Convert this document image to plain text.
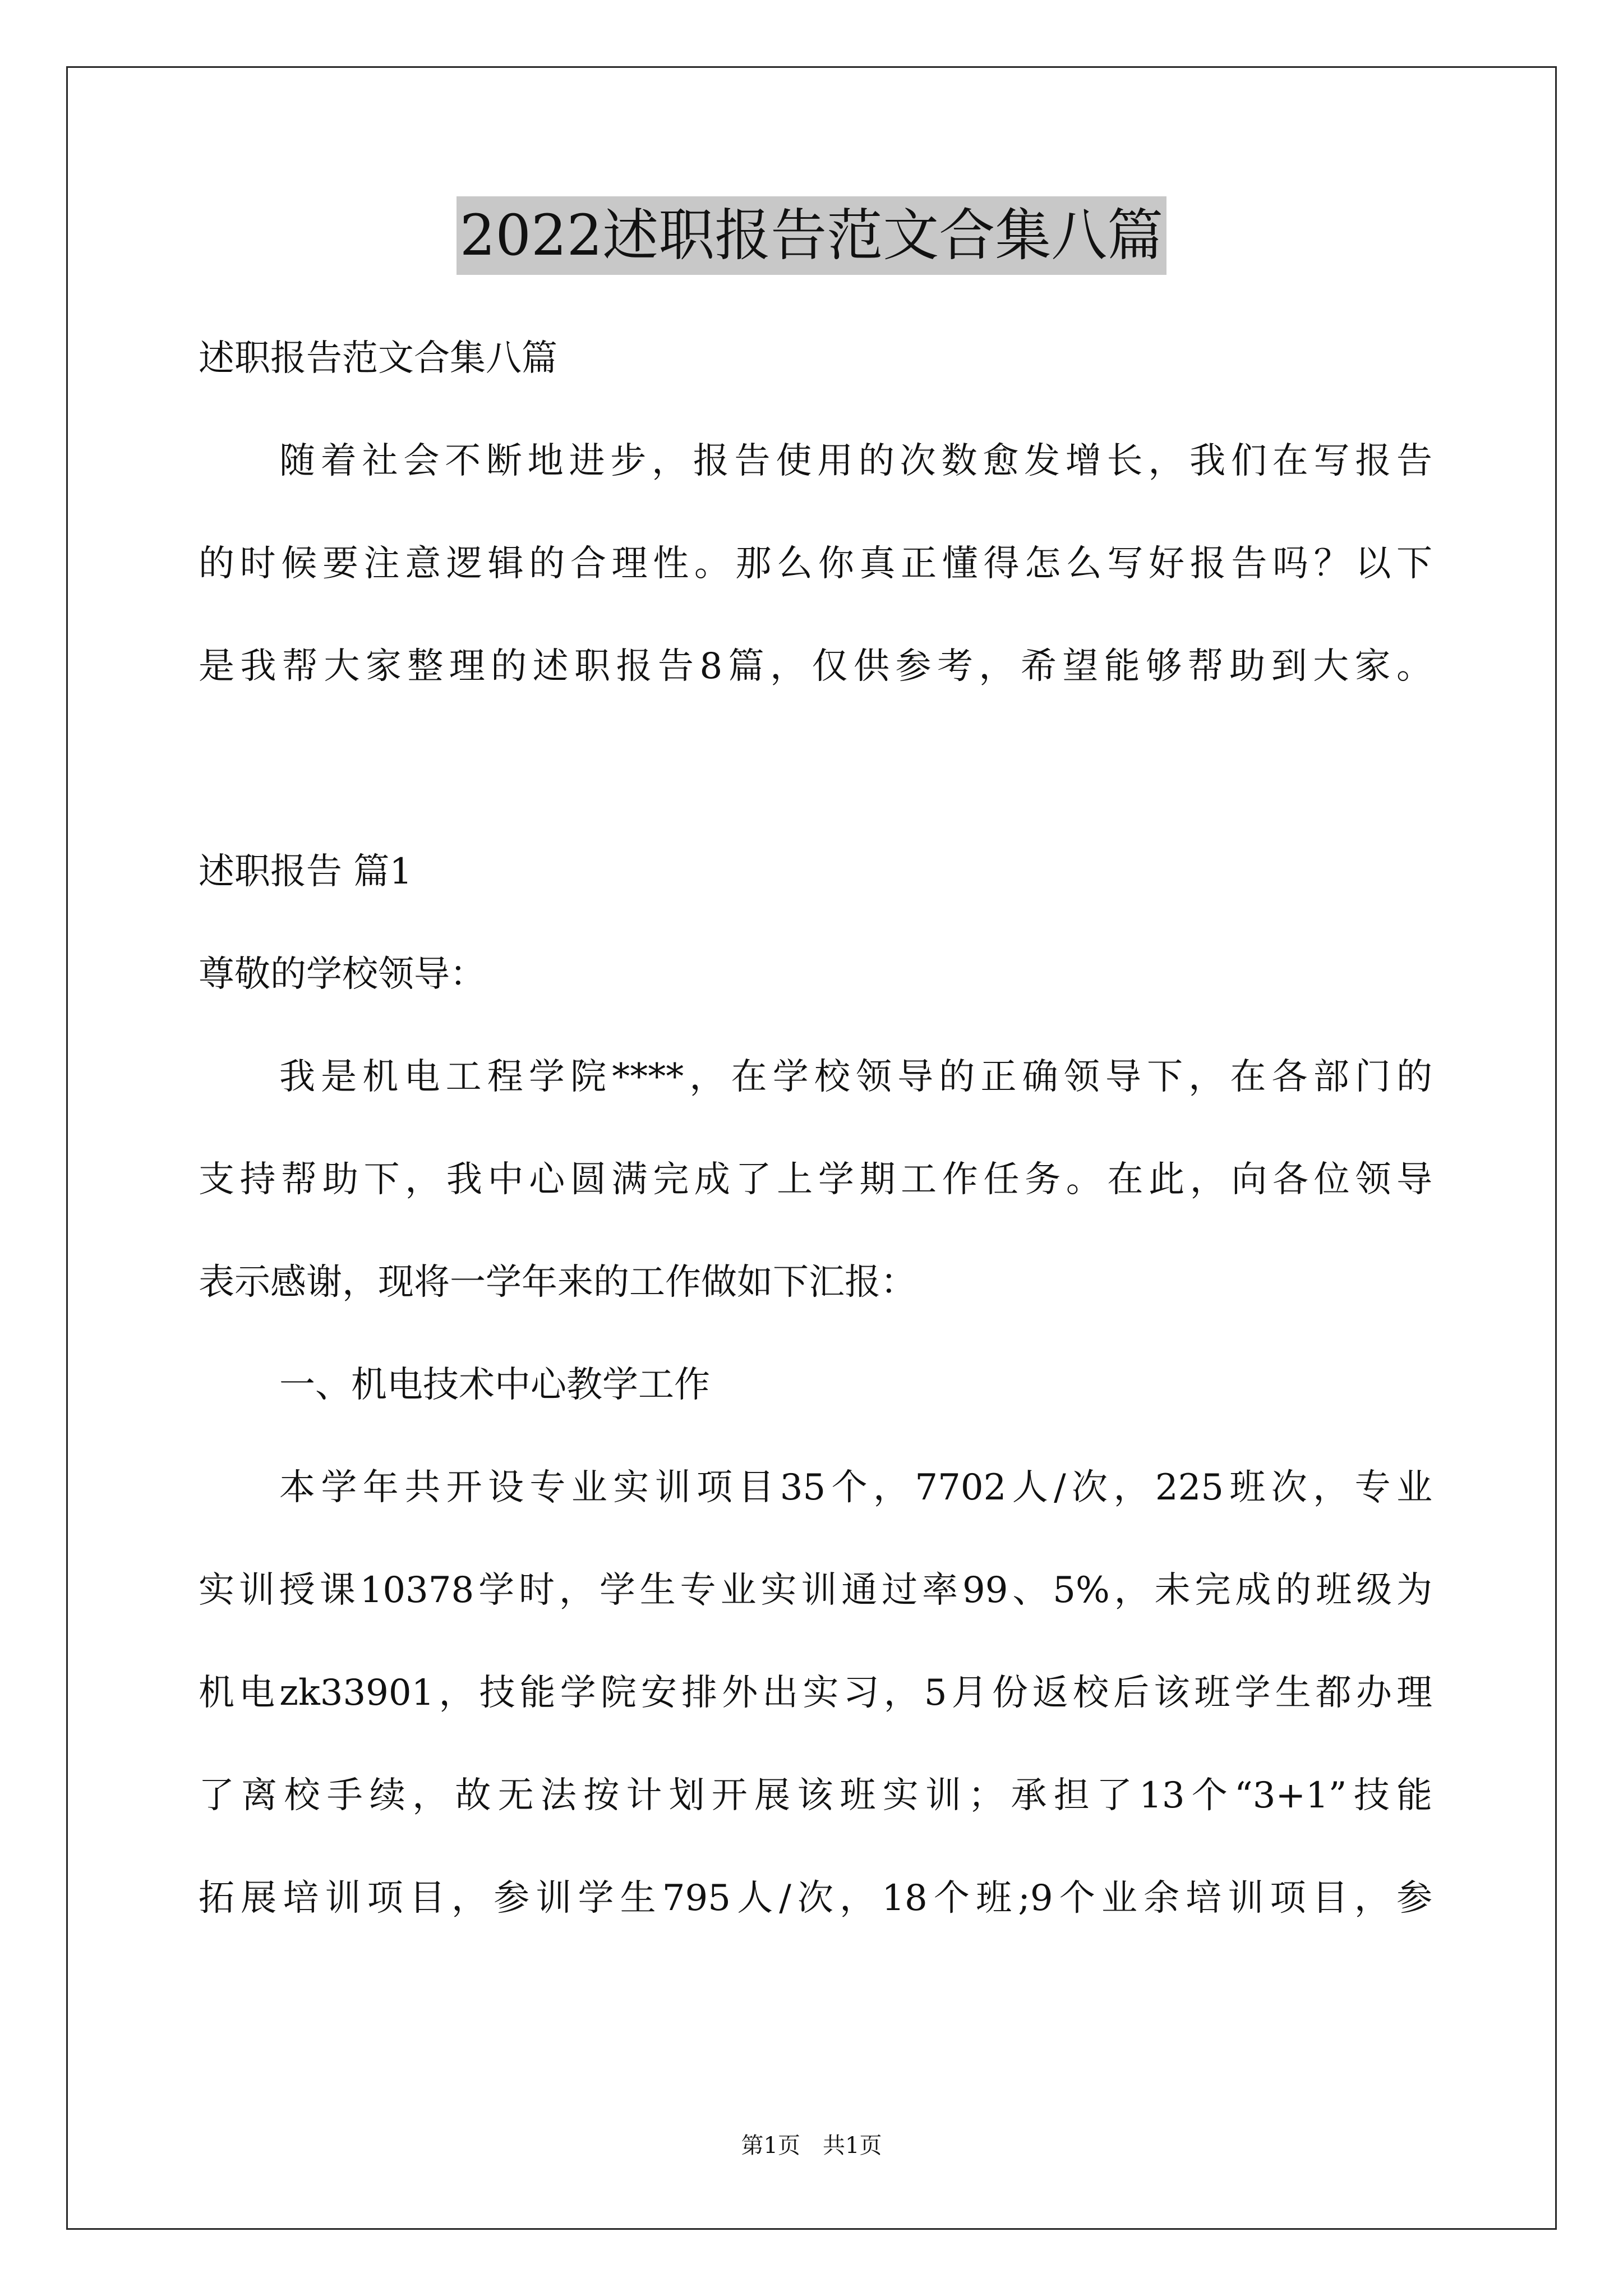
2022述职报告范文合集八篇
述职报告范文合集八篇
随着社会不断地进步，报告使用的次数愈发增长，我们在写报告
的时候要注意逻辑的合理性。那么你真正懂得怎么写好报告吗？以下
是我帮大家整理的述职报告8篇，仅供参考，希望能够帮助到大家。
述职报告 篇1
尊敬的学校领导：
我是机电工程学院****，在学校领导的正确领导下，在各部门的
支持帮助下，我中心圆满完成了上学期工作任务。在此，向各位领导
表示感谢，现将一学年来的工作做如下汇报：
一、机电技术中心教学工作
本学年共开设专业实训项目35个，7702人/次，225班次，专业
实训授课10378学时，学生专业实训通过率99、5%，未完成的班级为
机电zk33901，技能学院安排外出实习，5月份返校后该班学生都办理
了离校手续，故无法按计划开展该班实训；承担了13个“3+1”技能
拓展培训项目，参训学生795人/次，18个班;9个业余培训项目，参
第1页　共1页
